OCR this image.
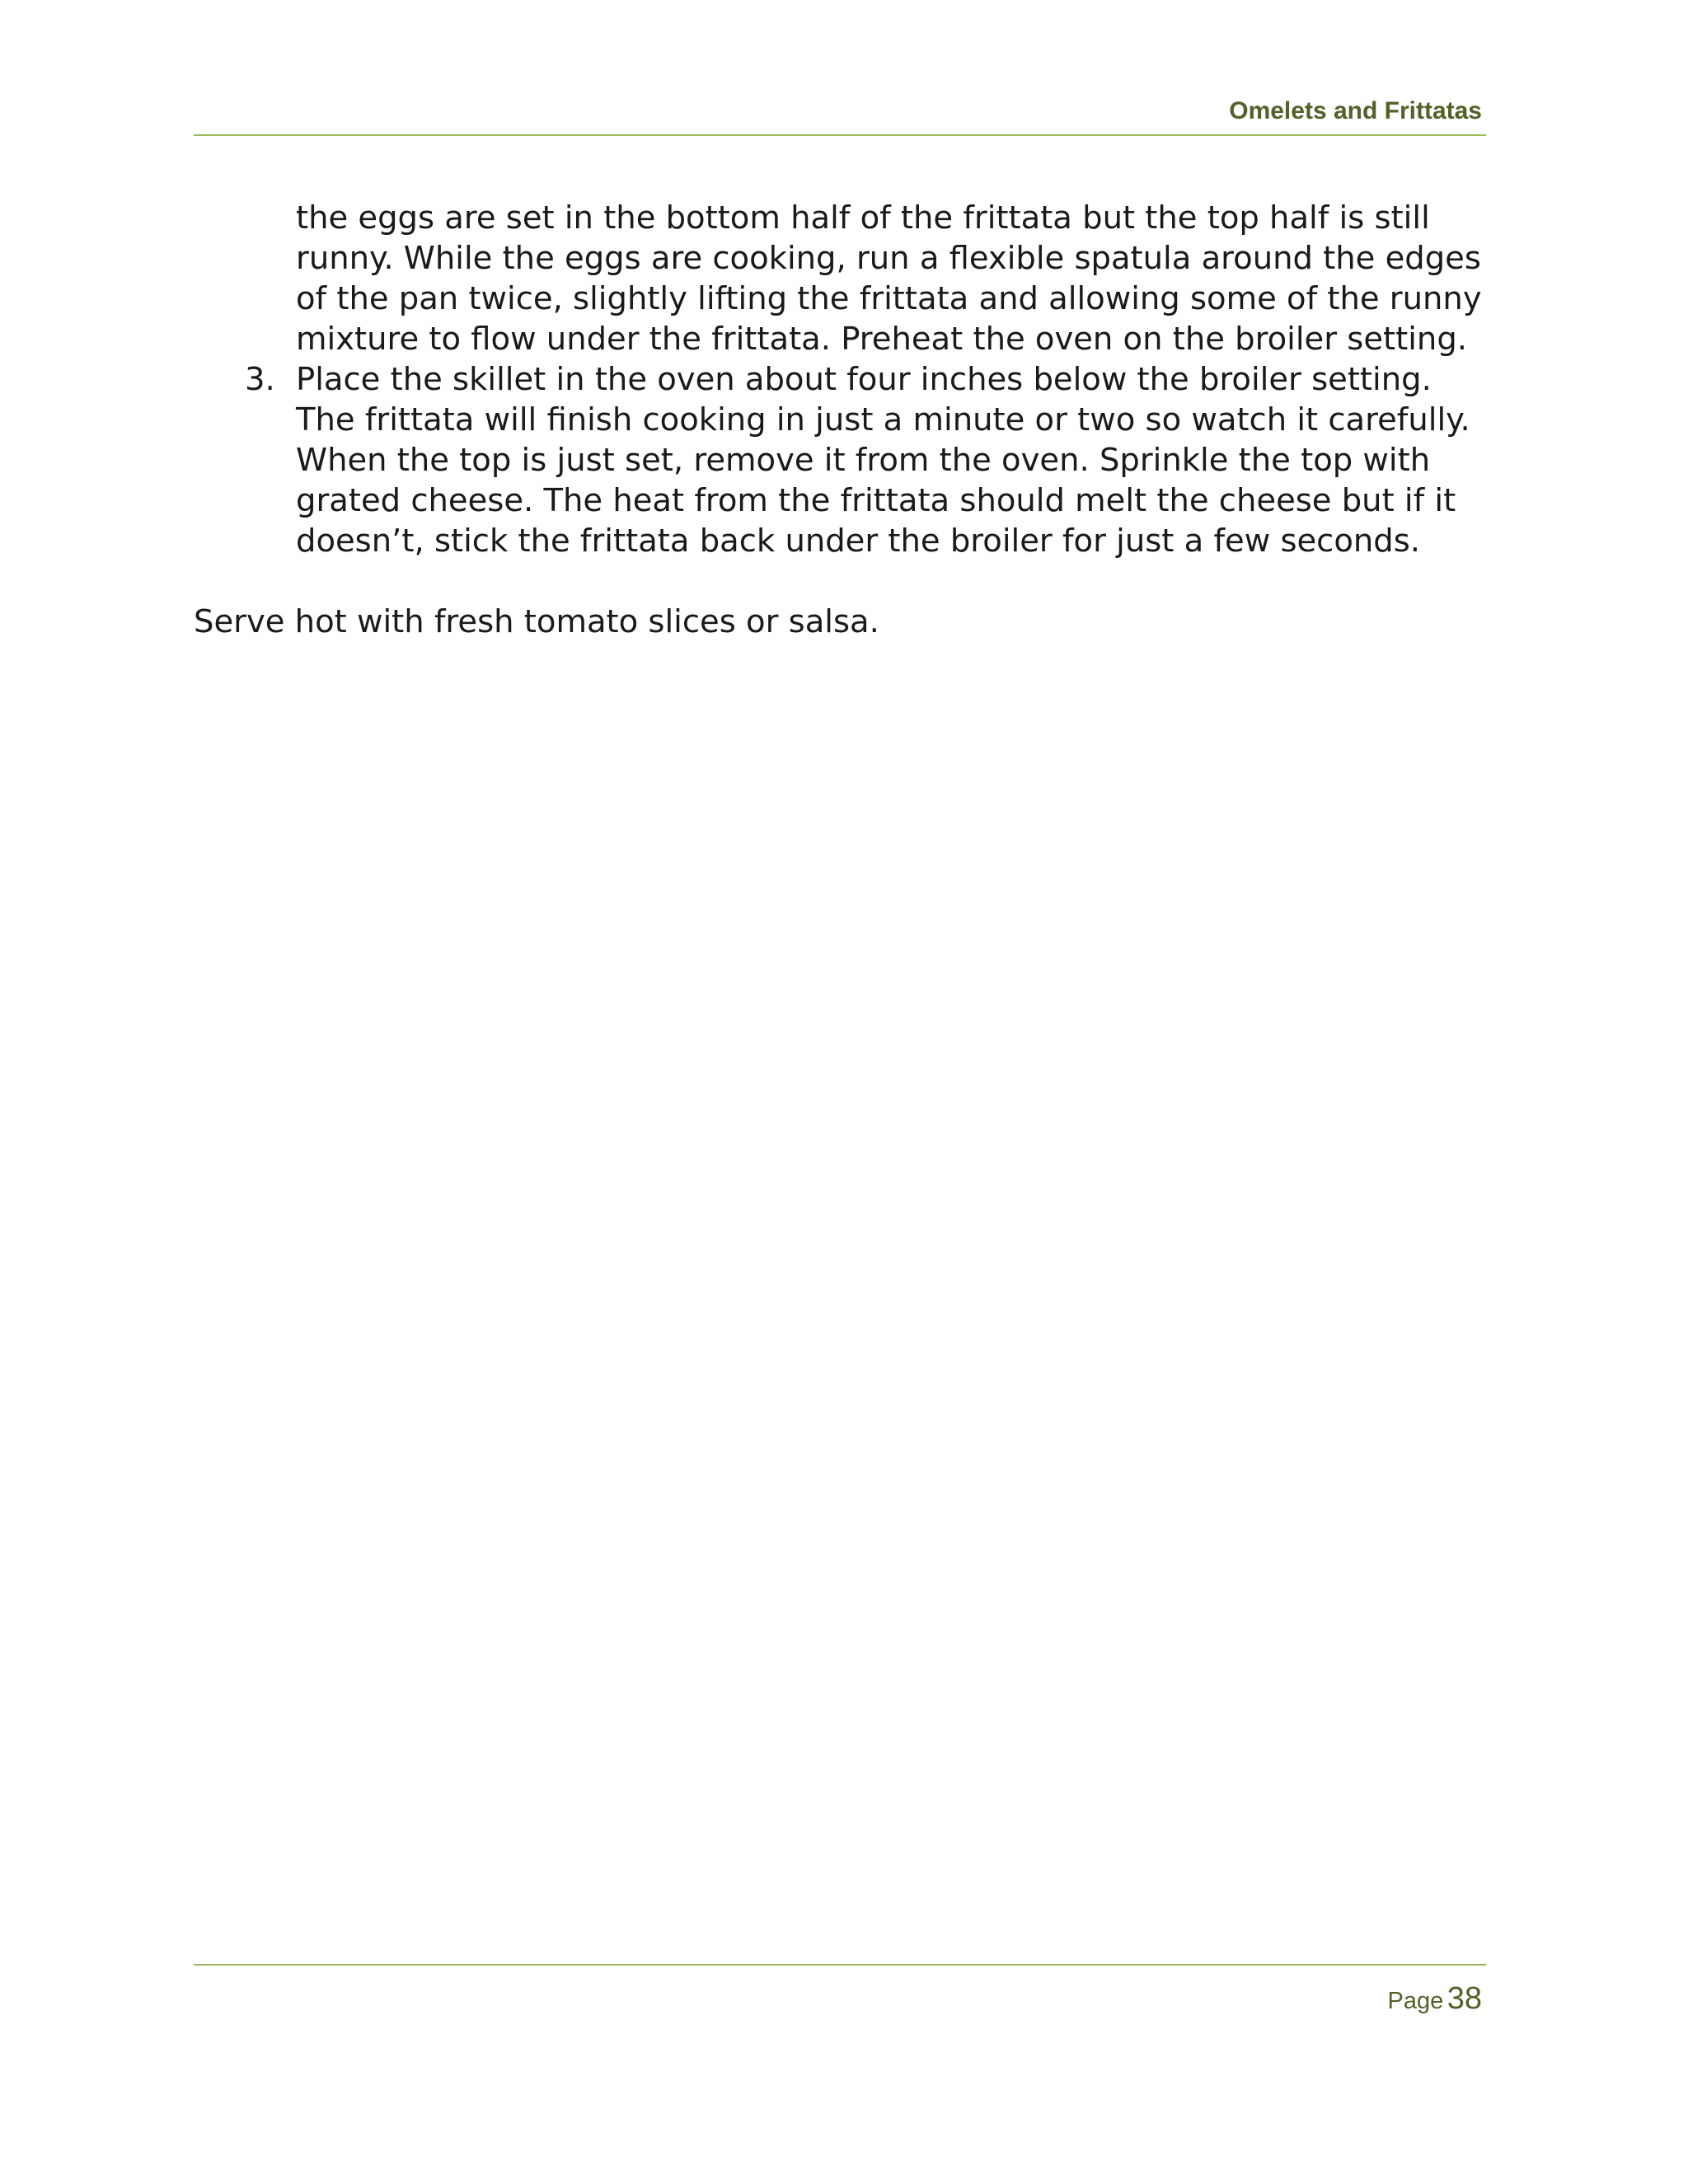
Omelets and Frittatas

the eggs are set in the bottom half of the frittata but the top half is still runny. While the eggs are cooking, run a flexible spatula around the edges of the pan twice, slightly lifting the frittata and allowing some of the runny mixture to flow under the frittata. Preheat the oven on the broiler setting.

3. Place the skillet in the oven about four inches below the broiler setting. The frittata will finish cooking in just a minute or two so watch it carefully. When the top is just set, remove it from the oven. Sprinkle the top with grated cheese. The heat from the frittata should melt the cheese but if it doesn’t, stick the frittata back under the broiler for just a few seconds.

Serve hot with fresh tomato slices or salsa.

Page 38
